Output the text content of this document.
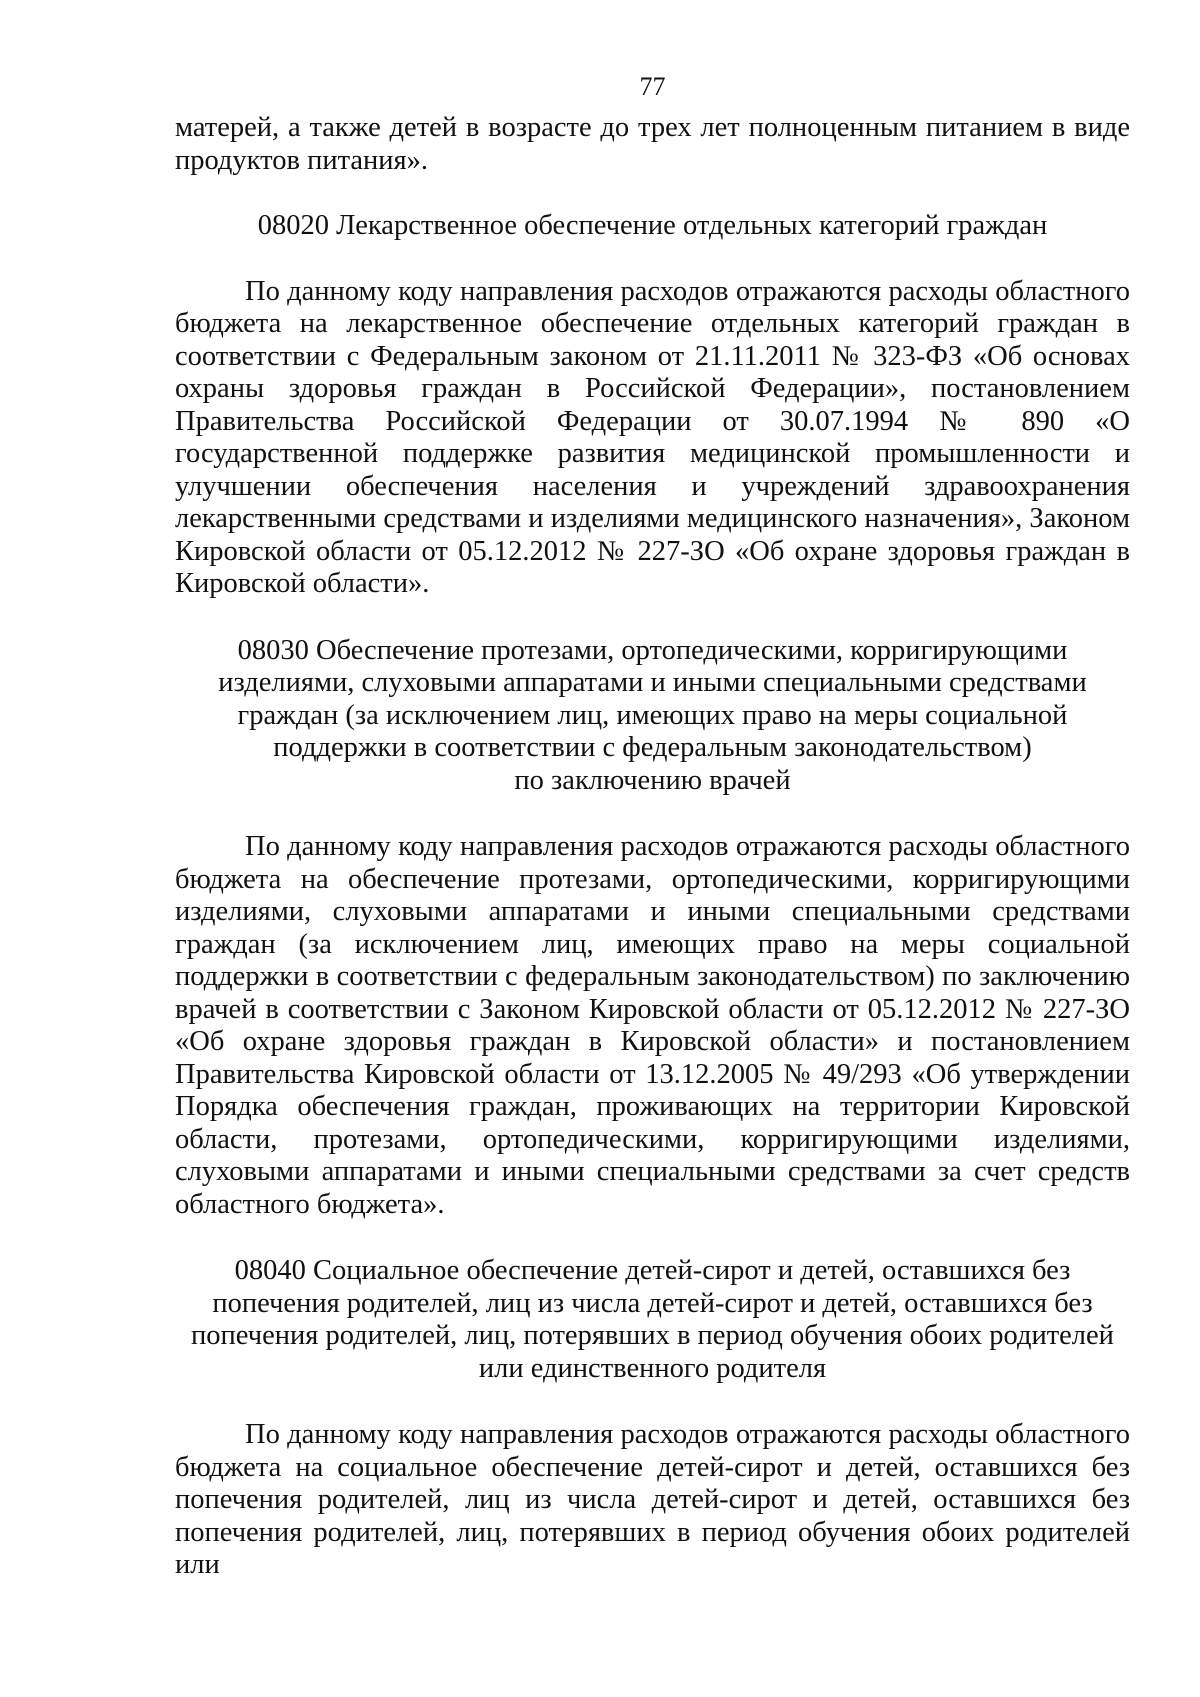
77

матерей, а также детей в возрасте до трех лет полноценным питанием в виде продуктов питания».

08020 Лекарственное обеспечение отдельных категорий граждан

По данному коду направления расходов отражаются расходы областного бюджета на лекарственное обеспечение отдельных категорий граждан в соответствии с Федеральным законом от 21.11.2011 № 323-ФЗ «Об основах охраны здоровья граждан в Российской Федерации», постановлением Правительства Российской Федерации от 30.07.1994 № 890 «О государственной поддержке развития медицинской промышленности и улучшении обеспечения населения и учреждений здравоохранения лекарственными средствами и изделиями медицинского назначения», Законом Кировской области от 05.12.2012 № 227-ЗО «Об охране здоровья граждан в Кировской области».

08030 Обеспечение протезами, ортопедическими, корригирующими
изделиями, слуховыми аппаратами и иными специальными средствами
граждан (за исключением лиц, имеющих право на меры социальной
поддержки в соответствии с федеральным законодательством)
по заключению врачей

По данному коду направления расходов отражаются расходы областного бюджета на обеспечение протезами, ортопедическими, корригирующими изделиями, слуховыми аппаратами и иными специальными средствами граждан (за исключением лиц, имеющих право на меры социальной поддержки в соответствии с федеральным законодательством) по заключению врачей в соответствии с Законом Кировской области от 05.12.2012 № 227-ЗО «Об охране здоровья граждан в Кировской области» и постановлением Правительства Кировской области от 13.12.2005 № 49/293 «Об утверждении Порядка обеспечения граждан, проживающих на территории Кировской области, протезами, ортопедическими, корригирующими изделиями, слуховыми аппаратами и иными специальными средствами за счет средств областного бюджета».

08040 Социальное обеспечение детей-сирот и детей, оставшихся без
попечения родителей, лиц из числа детей-сирот и детей, оставшихся без
попечения родителей, лиц, потерявших в период обучения обоих родителей
или единственного родителя

По данному коду направления расходов отражаются расходы областного бюджета на социальное обеспечение детей-сирот и детей, оставшихся без попечения родителей, лиц из числа детей-сирот и детей, оставшихся без попечения родителей, лиц, потерявших в период обучения обоих родителей или
